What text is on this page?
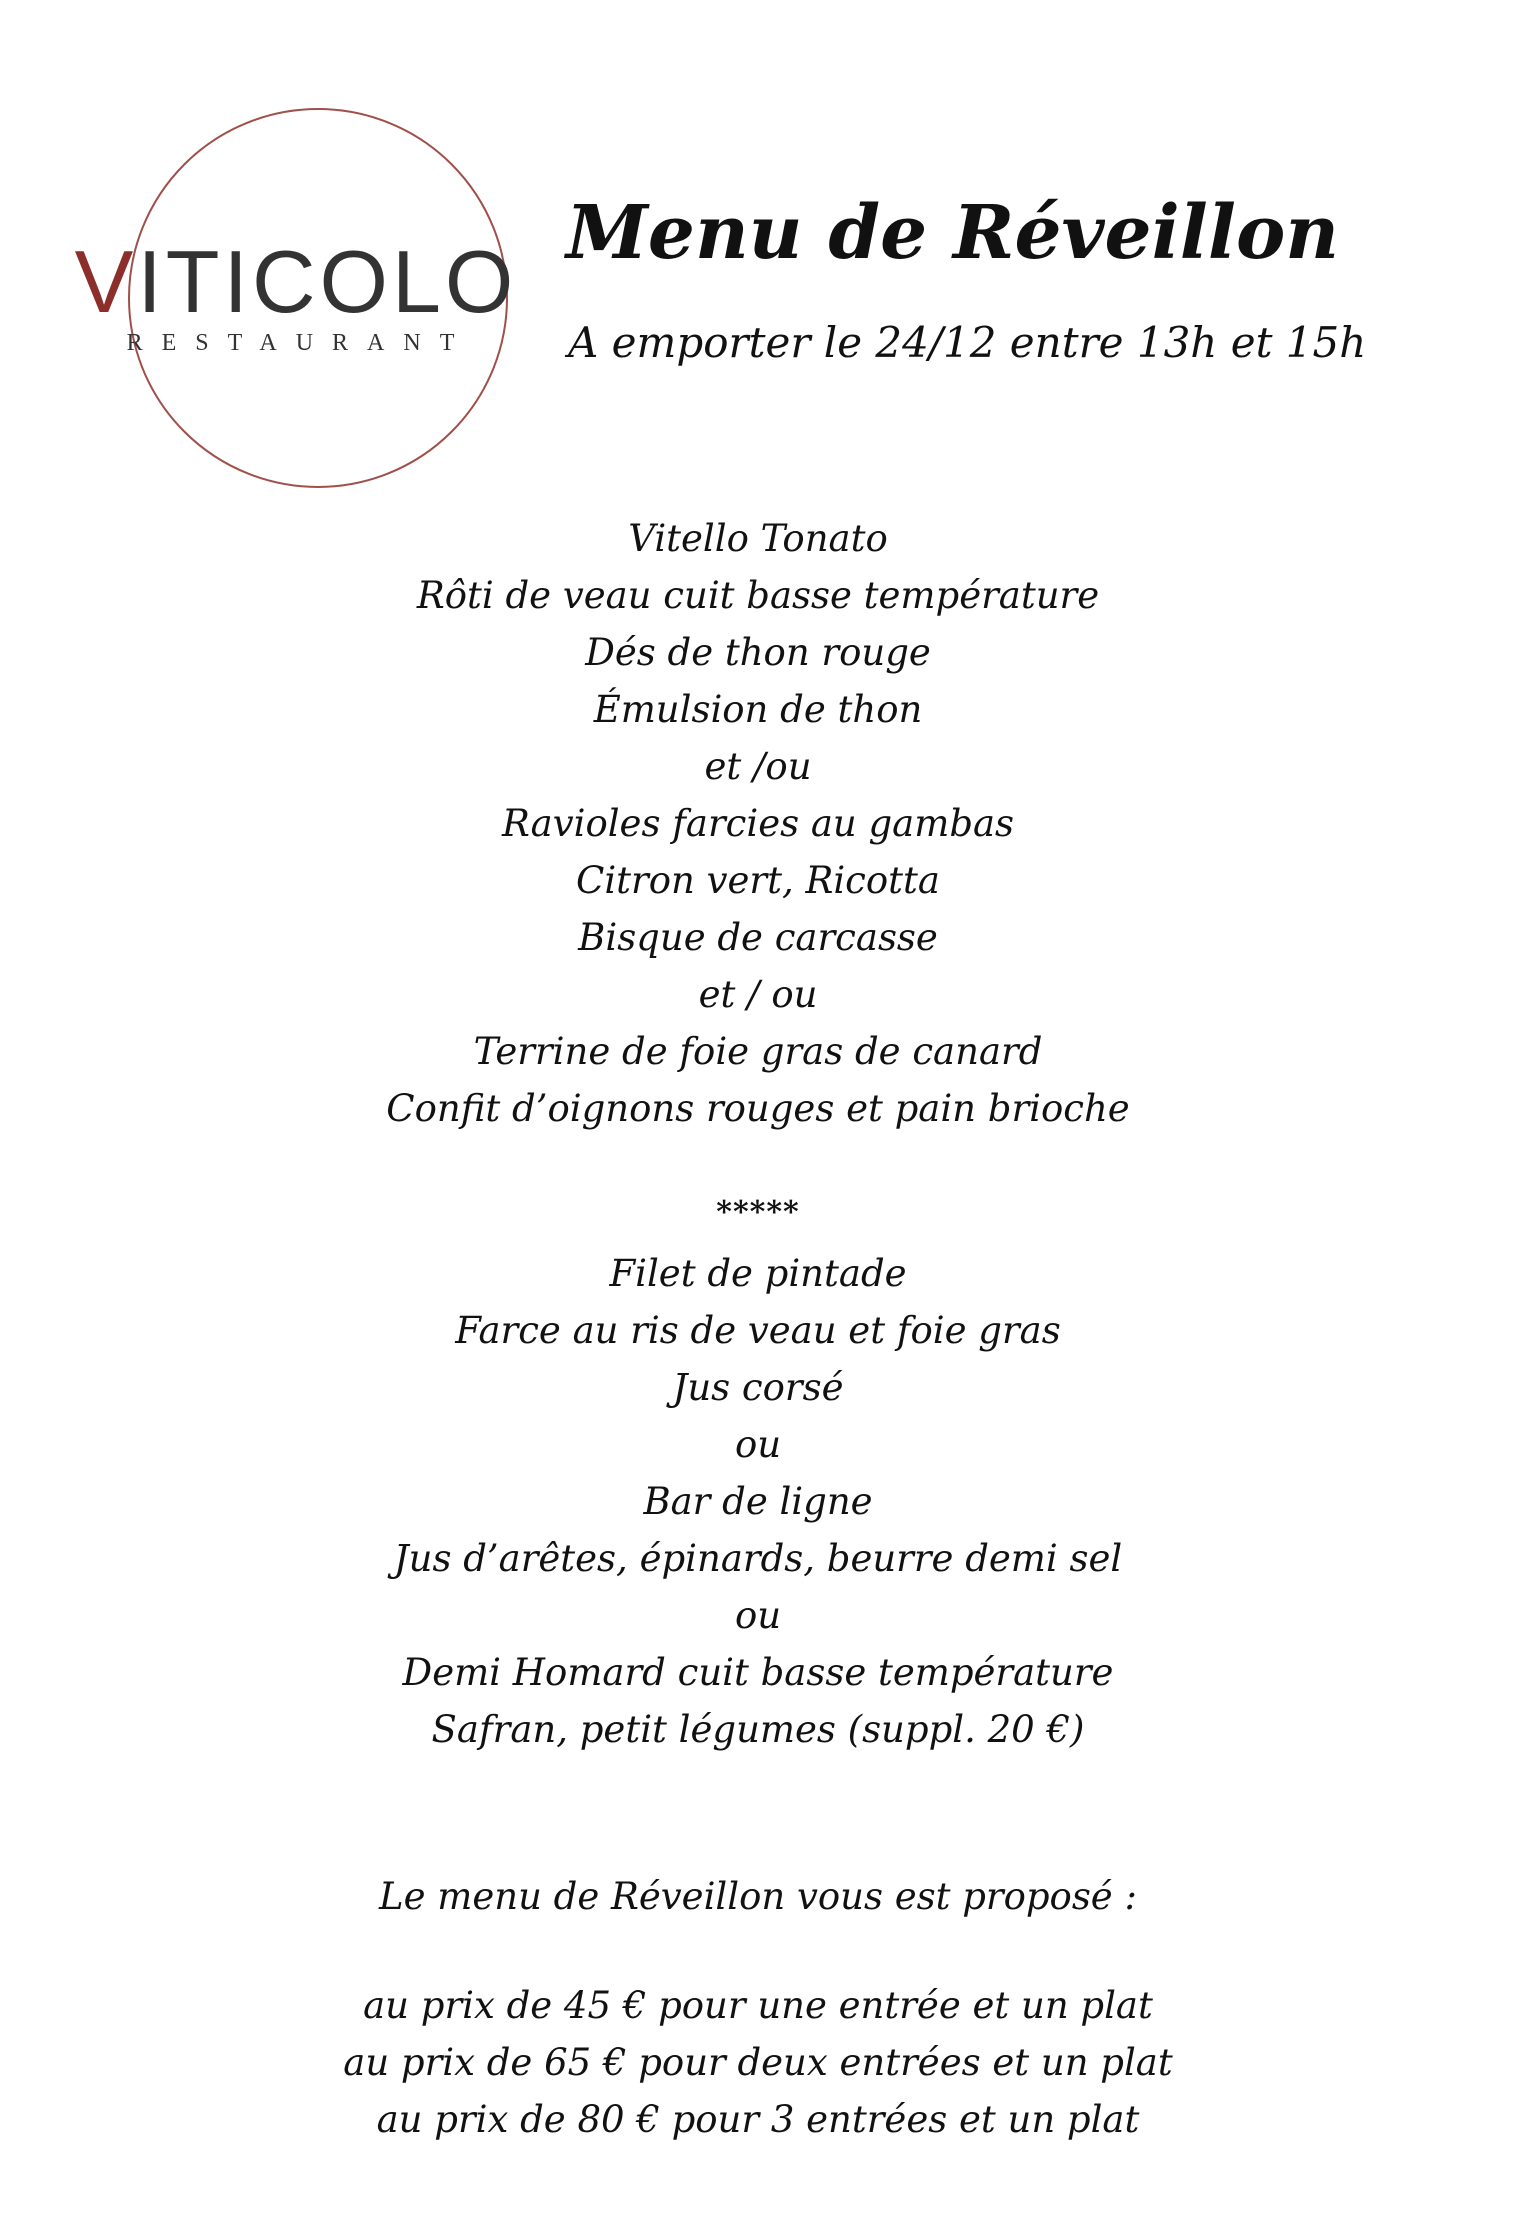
VITICOLO
RESTAURANT
Menu de Réveillon
A emporter le 24/12 entre 13h et 15h
Vitello Tonato
Rôti de veau cuit basse température
Dés de thon rouge
Émulsion de thon
et /ou
Ravioles farcies au gambas
Citron vert, Ricotta
Bisque de carcasse
et / ou
Terrine de foie gras de canard
Confit d’oignons rouges et pain brioche
*****
Filet de pintade
Farce au ris de veau et foie gras
Jus corsé
ou
Bar de ligne
Jus d’arêtes, épinards, beurre demi sel
ou
Demi Homard cuit basse température
Safran, petit légumes (suppl. 20 €)
Le menu de Réveillon vous est proposé :
au prix de 45 € pour une entrée et un plat
au prix de 65 € pour deux entrées et un plat
au prix de 80 € pour 3 entrées et un plat
